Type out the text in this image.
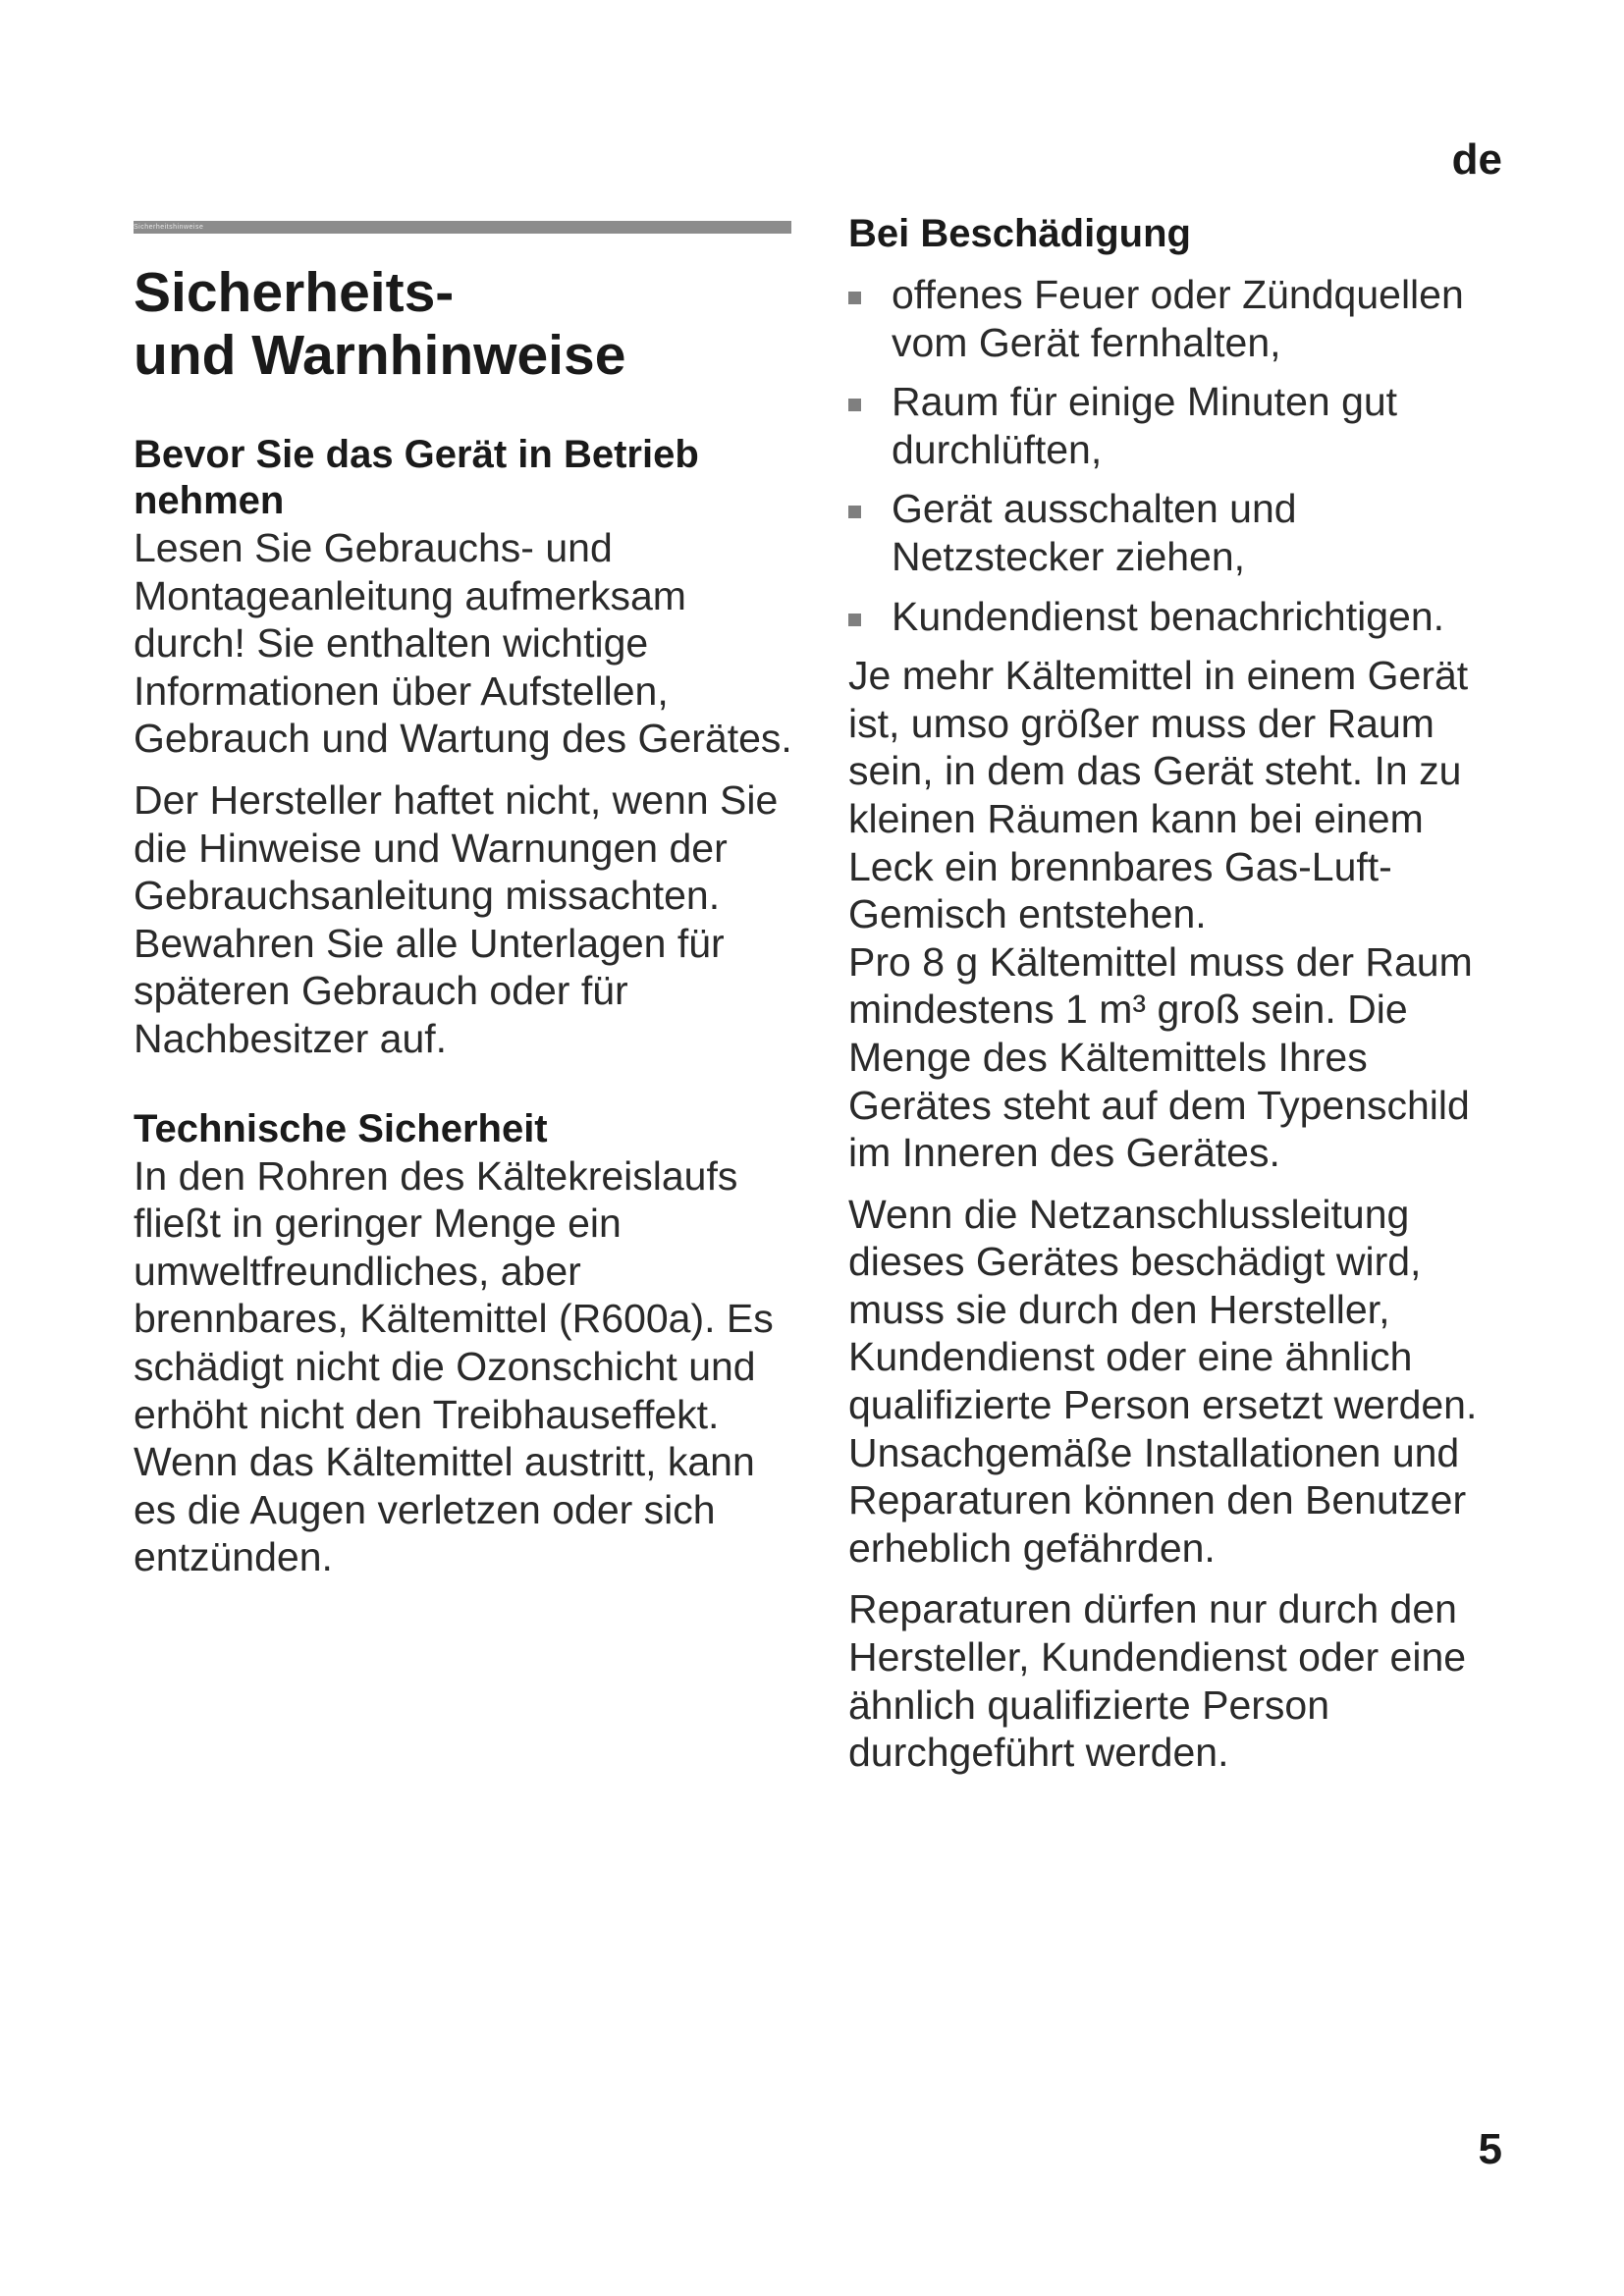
de
Sicherheitshinweise
Sicherheits-
und Warnhinweise
Bevor Sie das Gerät in Betrieb nehmen

Lesen Sie Gebrauchs- und Montageanleitung aufmerksam durch! Sie enthalten wichtige Informationen über Aufstellen, Gebrauch und Wartung des Gerätes.

Der Hersteller haftet nicht, wenn Sie die Hinweise und Warnungen der Gebrauchsanleitung missachten. Bewahren Sie alle Unterlagen für späteren Gebrauch oder für Nachbesitzer auf.

Technische Sicherheit

In den Rohren des Kältekreislaufs fließt in geringer Menge ein umweltfreundliches, aber brennbares, Kältemittel (R600a). Es schädigt nicht die Ozonschicht und erhöht nicht den Treibhauseffekt. Wenn das Kältemittel austritt, kann es die Augen verletzen oder sich entzünden.

Bei Beschädigung
offenes Feuer oder Zündquellen vom Gerät fernhalten,
Raum für einige Minuten gut durchlüften,
Gerät ausschalten und Netzstecker ziehen,
Kundendienst benachrichtigen.

Je mehr Kältemittel in einem Gerät ist, umso größer muss der Raum sein, in dem das Gerät steht. In zu kleinen Räumen kann bei einem Leck ein brennbares Gas-Luft-Gemisch entstehen.

Pro 8 g Kältemittel muss der Raum mindestens 1 m³ groß sein. Die Menge des Kältemittels Ihres Gerätes steht auf dem Typenschild im Inneren des Gerätes.

Wenn die Netzanschlussleitung dieses Gerätes beschädigt wird, muss sie durch den Hersteller, Kundendienst oder eine ähnlich qualifizierte Person ersetzt werden. Unsachgemäße Installationen und Reparaturen können den Benutzer erheblich gefährden.

Reparaturen dürfen nur durch den Hersteller, Kundendienst oder eine ähnlich qualifizierte Person durchgeführt werden.

5
